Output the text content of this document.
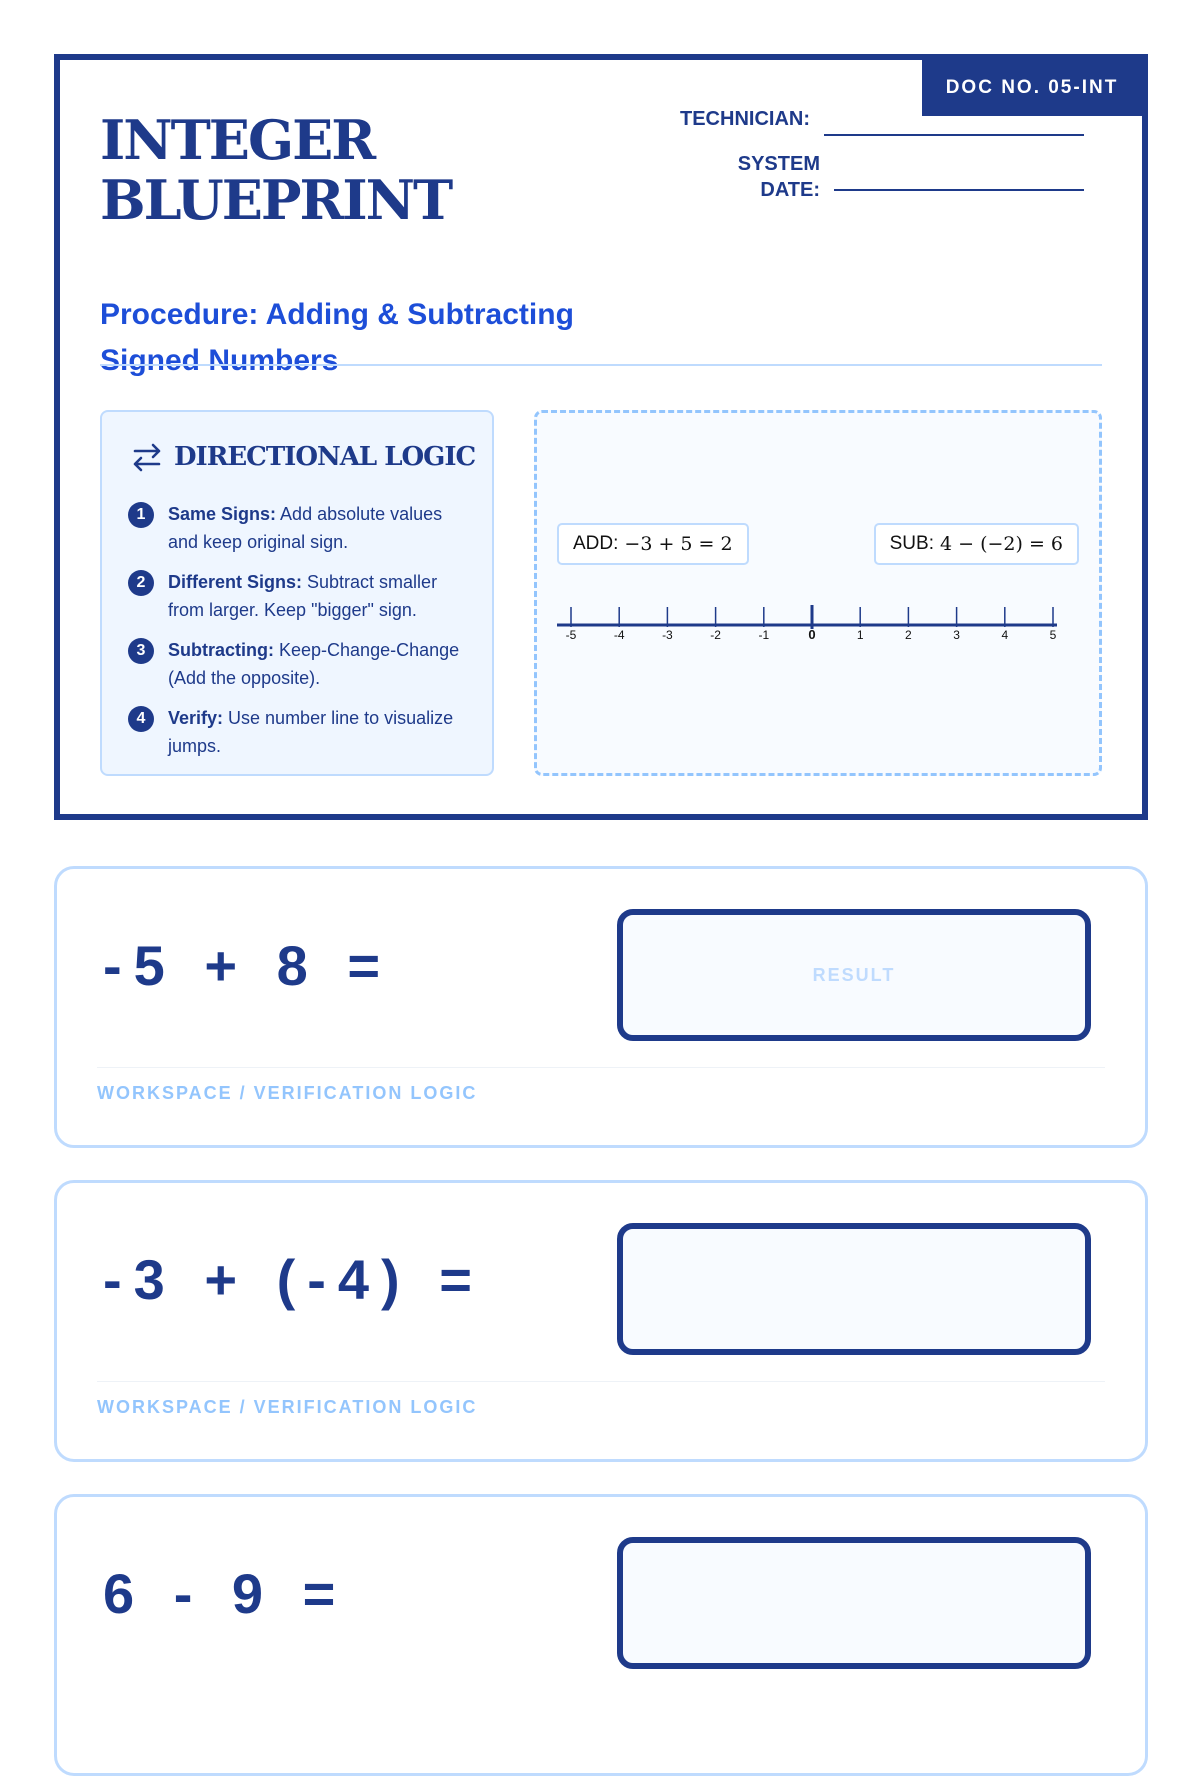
DOC NO. 05-INT
INTEGER
BLUEPRINT

Procedure: Adding & Subtracting Signed Numbers

TECHNICIAN:
SYSTEM
DATE:
DIRECTIONAL LOGIC
1	Same Signs: Add absolute values and keep original sign.
2	Different Signs: Subtract smaller from larger. Keep "bigger" sign.
3	Subtracting: Keep-Change-Change (Add the opposite).
4	Verify: Use number line to visualize jumps.
ADD: −3 + 5 = 2	SUB: 4 − (−2) = 6
-5	-4	-3	-2	-1	0	1	2	3	4	5
-5 + 8 =	RESULT
WORKSPACE / VERIFICATION LOGIC
-3 + (-4) =
WORKSPACE / VERIFICATION LOGIC
6 - 9 =
